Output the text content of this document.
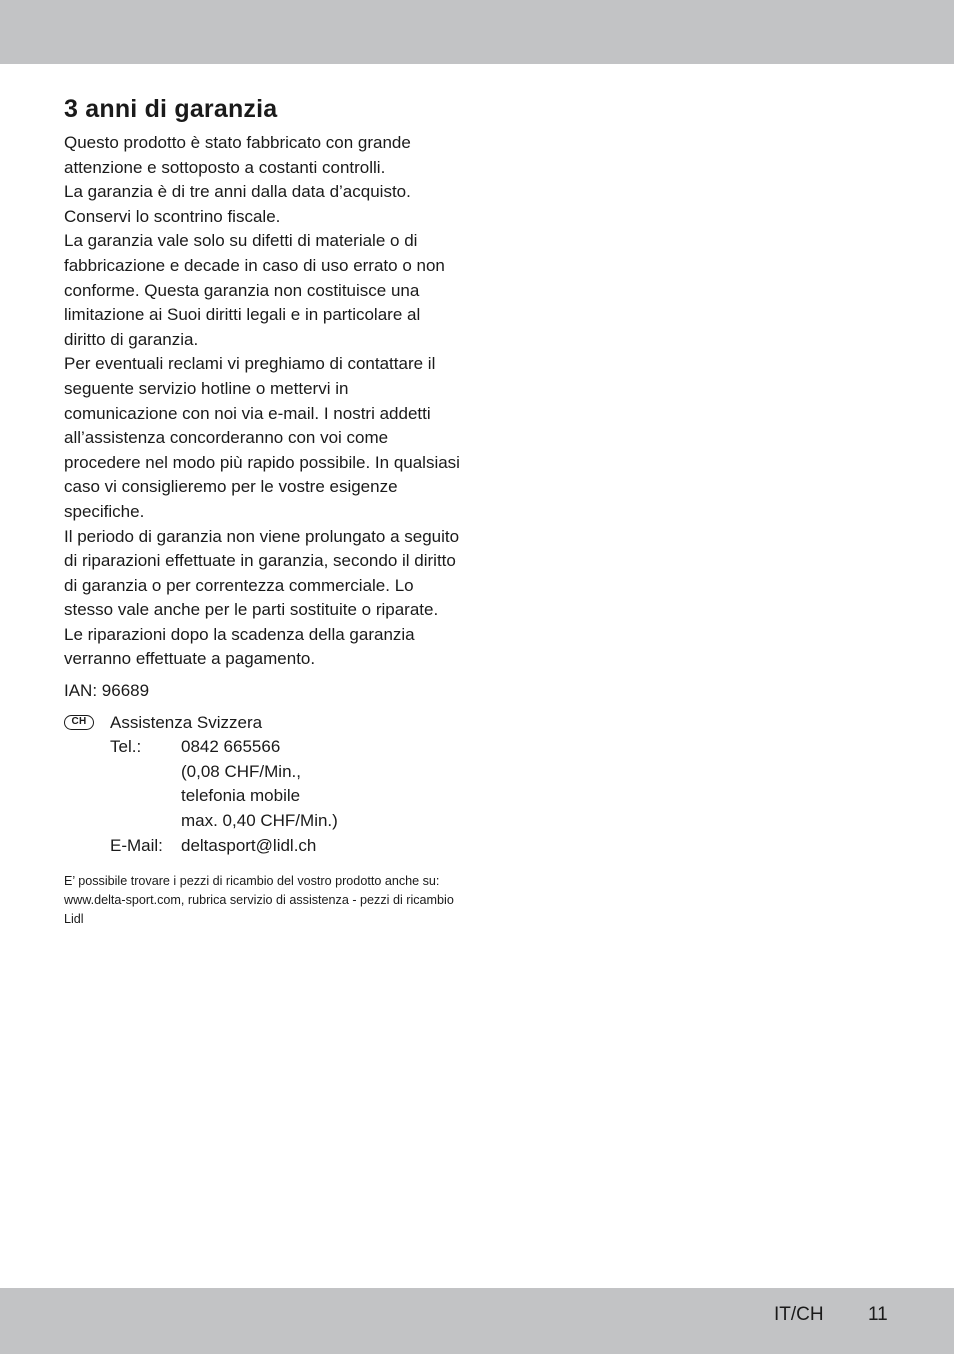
3 anni di garanzia

Questo prodotto è stato fabbricato con grande attenzione e sottoposto a costanti controlli.

La garanzia è di tre anni dalla data d’acquisto. Conservi lo scontrino fiscale.

La garanzia vale solo su difetti di materiale o di fabbricazione e decade in caso di uso errato o non conforme. Questa garanzia non costituisce una limitazione ai Suoi diritti legali e in particolare al diritto di garanzia.

Per eventuali reclami vi preghiamo di contattare il seguente servizio hotline o mettervi in comunicazione con noi via e-mail. I nostri addetti all’assistenza concorderanno con voi come procedere nel modo più rapido possibile. In qualsiasi caso vi consiglieremo per le vostre esigenze specifiche.

Il periodo di garanzia non viene prolungato a seguito di riparazioni effettuate in garanzia, secondo il diritto di garanzia o per correntezza commerciale. Lo stesso vale anche per le parti sostituite o riparate.

Le riparazioni dopo la scadenza della garanzia verranno effettuate a pagamento.

IAN: 96689
CH	Assistenza Svizzera
Tel.:	0842 665566
(0,08 CHF/Min.,
telefonia mobile
max. 0,40 CHF/Min.)
E-Mail:	deltasport@lidl.ch
E’ possibile trovare i pezzi di ricambio del vostro prodotto anche su: www.delta-sport.com, rubrica servizio di assistenza - pezzi di ricambio Lidl
IT/CH 11
